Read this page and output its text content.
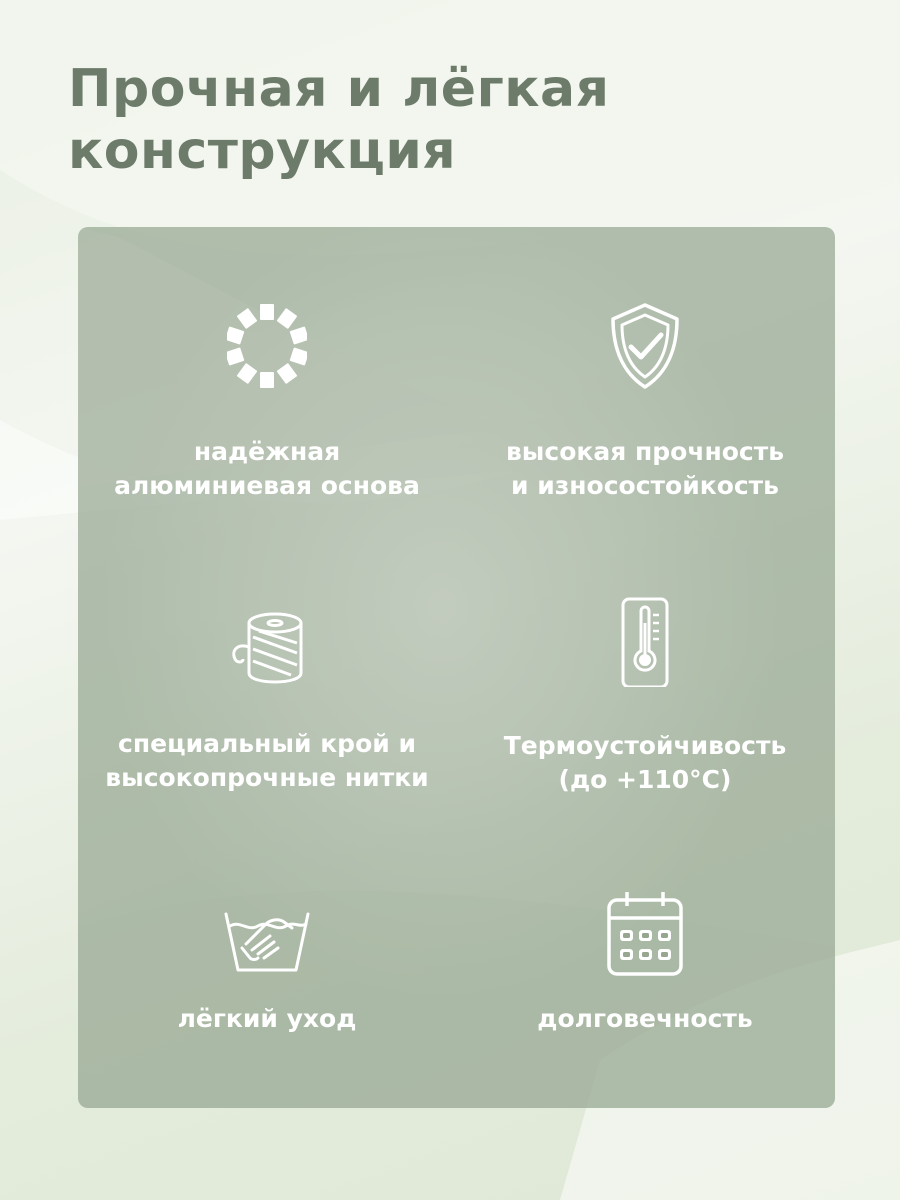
Прочная и лёгкая
конструкция
надёжная
алюминиевая основа
высокая прочность
и износостойкость
специальный крой и
высокопрочные нитки
Термоустойчивость
(до +110°C)
лёгкий уход	долговечность
